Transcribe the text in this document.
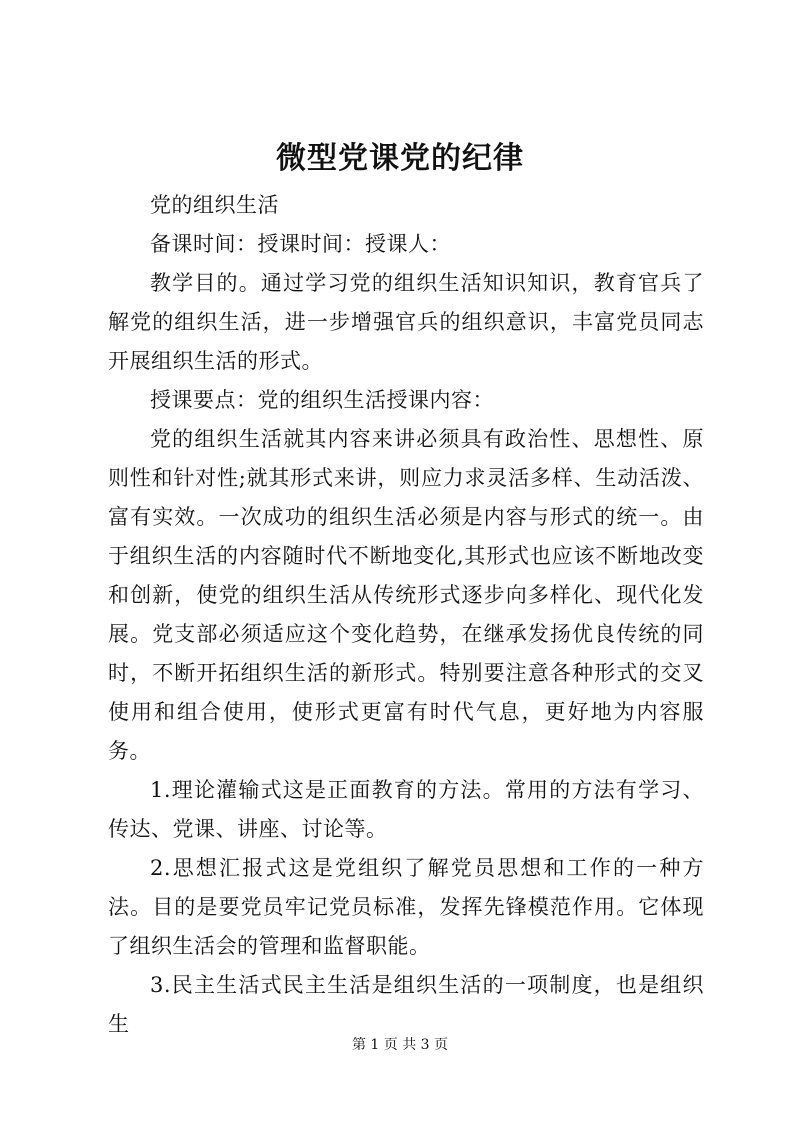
微型党课党的纪律

党的组织生活

备课时间：授课时间：授课人：

教学目的。通过学习党的组织生活知识知识，教育官兵了解党的组织生活，进一步增强官兵的组织意识，丰富党员同志开展组织生活的形式。

授课要点：党的组织生活授课内容：

党的组织生活就其内容来讲必须具有政治性、思想性、原则性和针对性;就其形式来讲，则应力求灵活多样、生动活泼、富有实效。一次成功的组织生活必须是内容与形式的统一。由于组织生活的内容随时代不断地变化,其形式也应该不断地改变和创新，使党的组织生活从传统形式逐步向多样化、现代化发展。党支部必须适应这个变化趋势，在继承发扬优良传统的同时，不断开拓组织生活的新形式。特别要注意各种形式的交叉使用和组合使用，使形式更富有时代气息，更好地为内容服务。

1.理论灌输式这是正面教育的方法。常用的方法有学习、传达、党课、讲座、讨论等。

2.思想汇报式这是党组织了解党员思想和工作的一种方法。目的是要党员牢记党员标准，发挥先锋模范作用。它体现了组织生活会的管理和监督职能。

3.民主生活式民主生活是组织生活的一项制度，也是组织生

第 1 页 共 3 页
